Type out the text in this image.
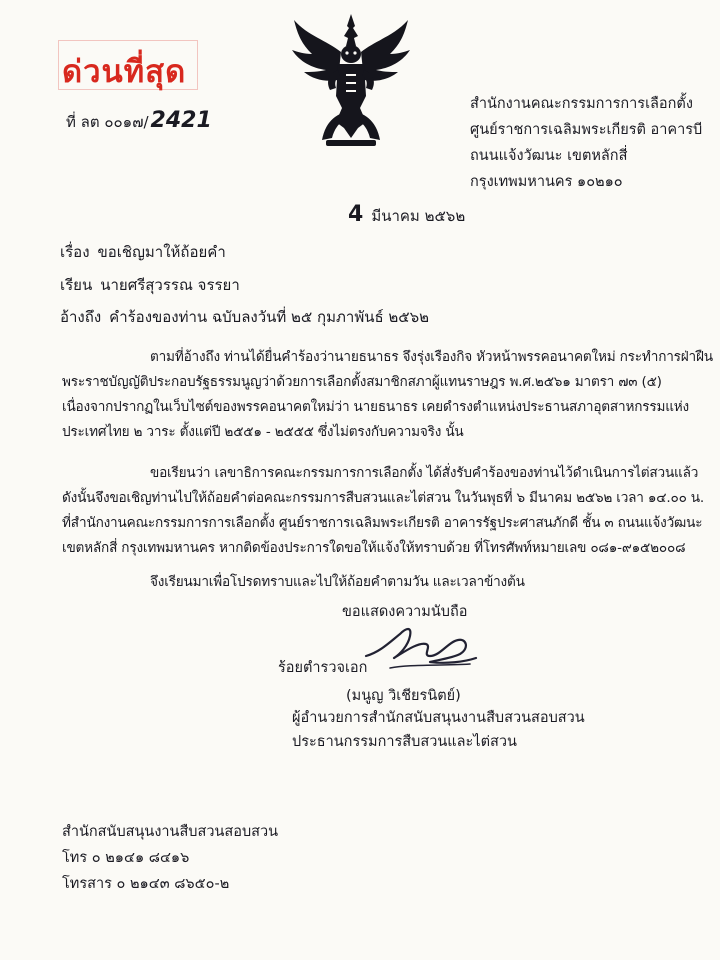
ด่วนที่สุด
ที่ ลต ๐๐๑๗/2421
สำนักงานคณะกรรมการการเลือกตั้ง
ศูนย์ราชการเฉลิมพระเกียรติ อาคารบี
ถนนแจ้งวัฒนะ เขตหลักสี่
กรุงเทพมหานคร ๑๐๒๑๐
4 มีนาคม ๒๕๖๒
เรื่อง ขอเชิญมาให้ถ้อยคำ
เรียน นายศรีสุวรรณ จรรยา
อ้างถึง คำร้องของท่าน ฉบับลงวันที่ ๒๕ กุมภาพันธ์ ๒๕๖๒
ตามที่อ้างถึง ท่านได้ยื่นคำร้องว่านายธนาธร จึงรุ่งเรืองกิจ หัวหน้าพรรคอนาคตใหม่ กระทำการฝ่าฝืน
พระราชบัญญัติประกอบรัฐธรรมนูญว่าด้วยการเลือกตั้งสมาชิกสภาผู้แทนราษฎร พ.ศ.๒๕๖๑ มาตรา ๗๓ (๕)
เนื่องจากปรากฏในเว็บไซต์ของพรรคอนาคตใหม่ว่า นายธนาธร เคยดำรงตำแหน่งประธานสภาอุตสาหกรรมแห่ง
ประเทศไทย ๒ วาระ ตั้งแต่ปี ๒๕๕๑ - ๒๕๕๕ ซึ่งไม่ตรงกับความจริง นั้น
ขอเรียนว่า เลขาธิการคณะกรรมการการเลือกตั้ง ได้สั่งรับคำร้องของท่านไว้ดำเนินการไต่สวนแล้ว
ดังนั้นจึงขอเชิญท่านไปให้ถ้อยคำต่อคณะกรรมการสืบสวนและไต่สวน ในวันพุธที่ ๖ มีนาคม ๒๕๖๒ เวลา ๑๔.๐๐ น.
ที่สำนักงานคณะกรรมการการเลือกตั้ง ศูนย์ราชการเฉลิมพระเกียรติ อาคารรัฐประศาสนภักดี ชั้น ๓ ถนนแจ้งวัฒนะ
เขตหลักสี่ กรุงเทพมหานคร หากติดข้องประการใดขอให้แจ้งให้ทราบด้วย ที่โทรศัพท์หมายเลข ๐๘๑-๙๑๕๒๐๐๘
จึงเรียนมาเพื่อโปรดทราบและไปให้ถ้อยคำตามวัน และเวลาข้างต้น
ขอแสดงความนับถือ
ร้อยตำรวจเอก
(มนูญ วิเชียรนิตย์)
ผู้อำนวยการสำนักสนับสนุนงานสืบสวนสอบสวน
ประธานกรรมการสืบสวนและไต่สวน
สำนักสนับสนุนงานสืบสวนสอบสวน
โทร ๐ ๒๑๔๑ ๘๔๑๖
โทรสาร ๐ ๒๑๔๓ ๘๖๕๐-๒
